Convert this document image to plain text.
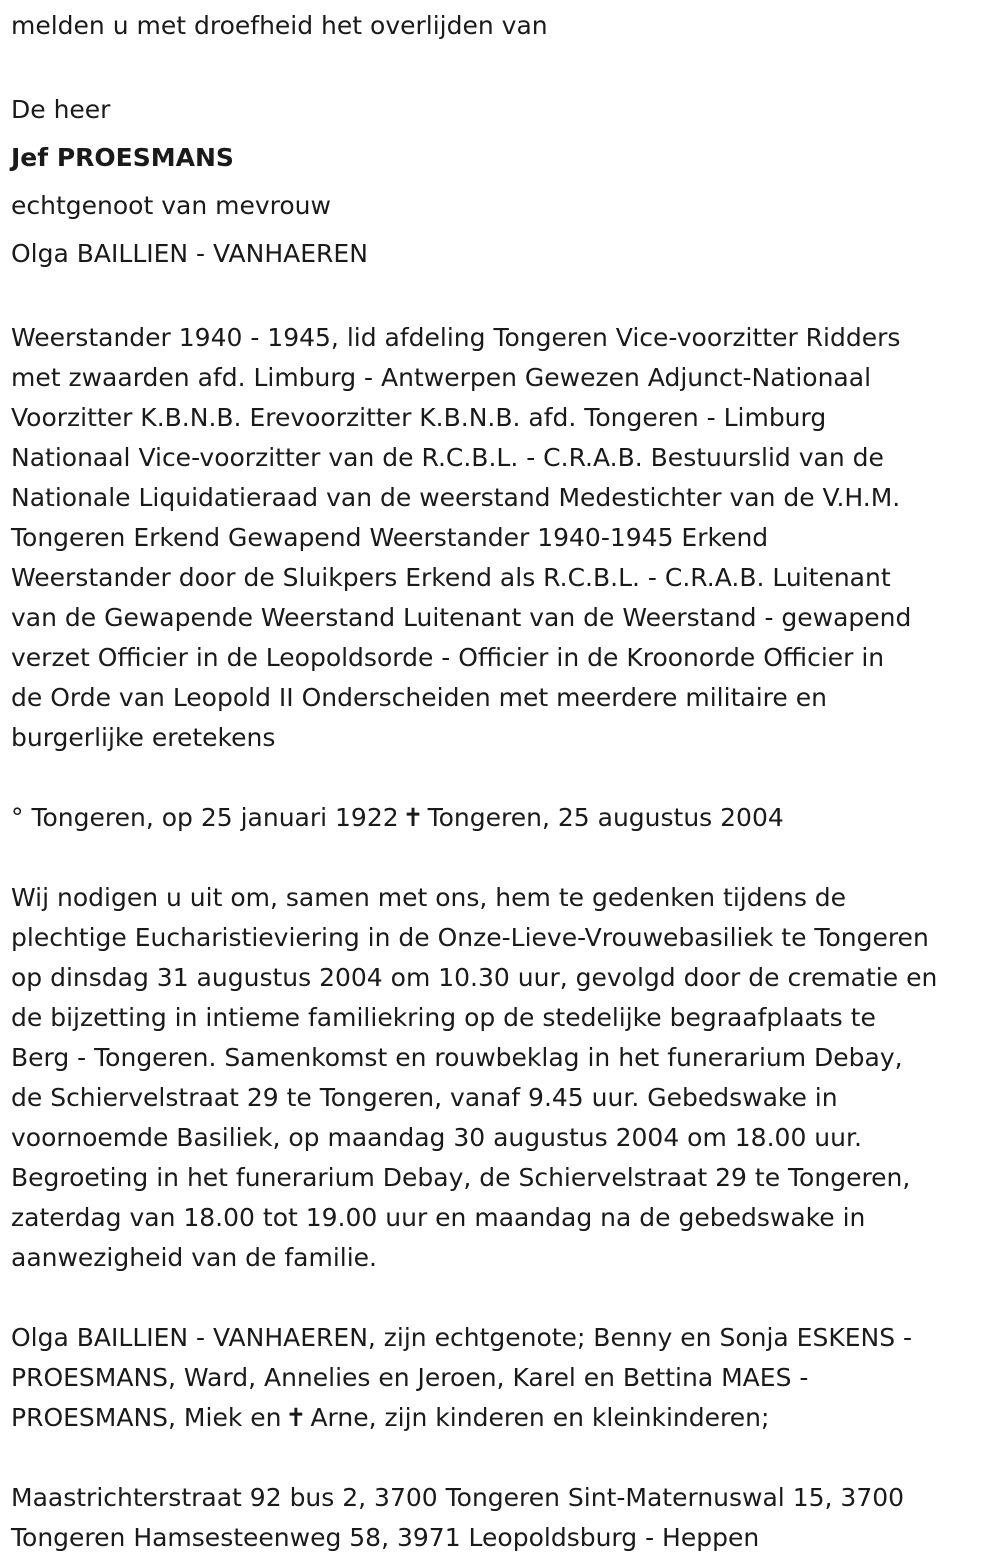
melden u met droefheid het overlijden van

De heer

Jef PROESMANS

echtgenoot van mevrouw

Olga BAILLIEN - VANHAEREN

Weerstander 1940 - 1945, lid afdeling Tongeren Vice-voorzitter Ridders

met zwaarden afd. Limburg - Antwerpen Gewezen Adjunct-Nationaal

Voorzitter K.B.N.B. Erevoorzitter K.B.N.B. afd. Tongeren - Limburg

Nationaal Vice-voorzitter van de R.C.B.L. - C.R.A.B. Bestuurslid van de

Nationale Liquidatieraad van de weerstand Medestichter van de V.H.M.

Tongeren Erkend Gewapend Weerstander 1940-1945 Erkend

Weerstander door de Sluikpers Erkend als R.C.B.L. - C.R.A.B. Luitenant

van de Gewapende Weerstand Luitenant van de Weerstand - gewapend

verzet Officier in de Leopoldsorde - Officier in de Kroonorde Officier in

de Orde van Leopold II Onderscheiden met meerdere militaire en

burgerlijke eretekens

° Tongeren, op 25 januari 1922 ✝ Tongeren, 25 augustus 2004

Wij nodigen u uit om, samen met ons, hem te gedenken tijdens de

plechtige Eucharistieviering in de Onze-Lieve-Vrouwebasiliek te Tongeren

op dinsdag 31 augustus 2004 om 10.30 uur, gevolgd door de crematie en

de bijzetting in intieme familiekring op de stedelijke begraafplaats te

Berg - Tongeren. Samenkomst en rouwbeklag in het funerarium Debay,

de Schiervelstraat 29 te Tongeren, vanaf 9.45 uur. Gebedswake in

voornoemde Basiliek, op maandag 30 augustus 2004 om 18.00 uur.

Begroeting in het funerarium Debay, de Schiervelstraat 29 te Tongeren,

zaterdag van 18.00 tot 19.00 uur en maandag na de gebedswake in

aanwezigheid van de familie.

Olga BAILLIEN - VANHAEREN, zijn echtgenote; Benny en Sonja ESKENS -

PROESMANS, Ward, Annelies en Jeroen, Karel en Bettina MAES -

PROESMANS, Miek en ✝ Arne, zijn kinderen en kleinkinderen;

Maastrichterstraat 92 bus 2, 3700 Tongeren Sint-Maternuswal 15, 3700

Tongeren Hamsesteenweg 58, 3971 Leopoldsburg - Heppen
